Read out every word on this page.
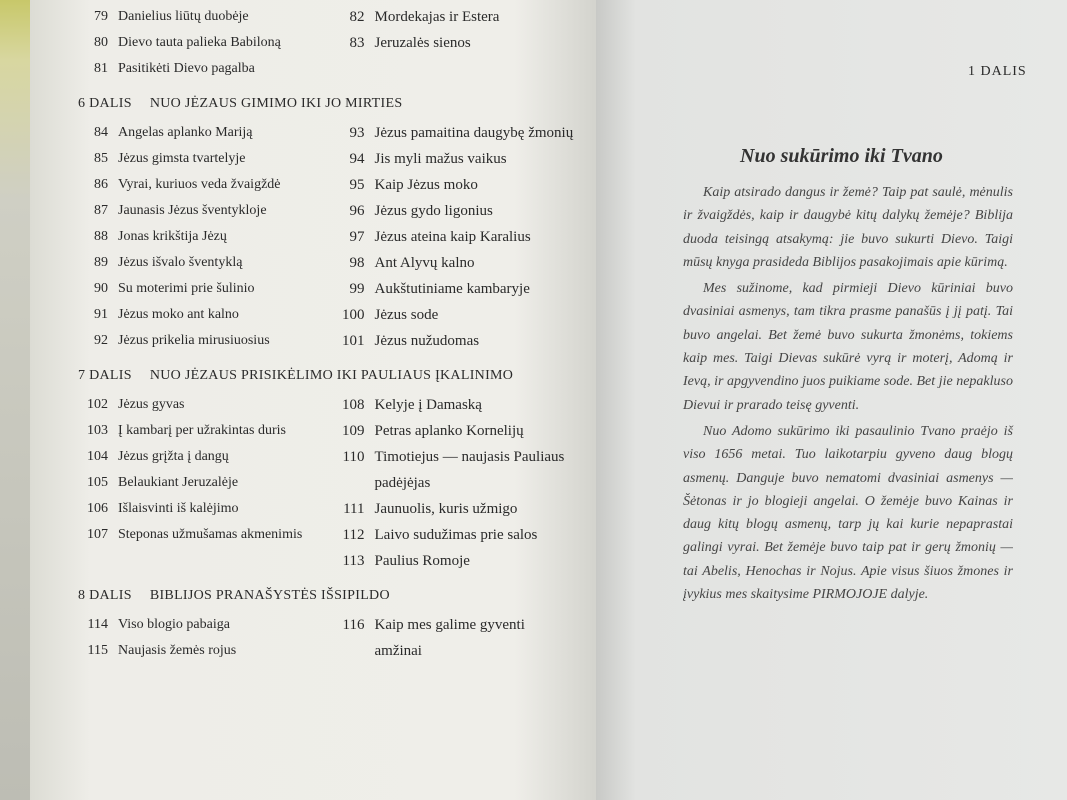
79 Danielius liūtų duobėje
80 Dievo tauta palieka Babiloną
81 Pasitikėti Dievo pagalba
82 Mordekajas ir Estera
83 Jeruzalės sienos
6 DALIS NUO JĖZAUS GIMIMO IKI JO MIRTIES
84 Angelas aplanko Mariją
85 Jėzus gimsta tvartelyje
86 Vyrai, kuriuos veda žvaigždė
87 Jaunasis Jėzus šventykloje
88 Jonas krikštija Jėzų
89 Jėzus išvalo šventyklą
90 Su moterimi prie šulinio
91 Jėzus moko ant kalno
92 Jėzus prikelia mirusiuosius
93 Jėzus pamaitina daugybę žmonių
94 Jis myli mažus vaikus
95 Kaip Jėzus moko
96 Jėzus gydo ligonius
97 Jėzus ateina kaip Karalius
98 Ant Alyvų kalno
99 Aukštutiniame kambaryje
100 Jėzus sode
101 Jėzus nužudomas
7 DALIS NUO JĖZAUS PRISIKĖLIMO IKI PAULIAUS ĮKALINIMO
102 Jėzus gyvas
103 Į kambarį per užrakintas duris
104 Jėzus grįžta į dangų
105 Belaukiant Jeruzalėje
106 Išlaisvinti iš kalėjimo
107 Steponas užmušamas akmenimis
108 Kelyje į Damaską
109 Petras aplanko Kornelijų
110 Timotiejus — naujasis Pauliaus padėjėjas
111 Jaunuolis, kuris užmigo
112 Laivo sudužimas prie salos
113 Paulius Romoje
8 DALIS BIBLIJOS PRANAŠYSTĖS IŠSIPILDO
114 Viso blogio pabaiga
115 Naujasis žemės rojus
116 Kaip mes galime gyventi amžinai
1 DALIS
Nuo sukūrimo iki Tvano

Kaip atsirado dangus ir žemė? Taip pat saulė, mėnulis ir žvaigždės, kaip ir daugybė kitų dalykų žemėje? Biblija duoda teisingą atsakymą: jie buvo sukurti Dievo. Taigi mūsų knyga prasideda Biblijos pasakojimais apie kūrimą.

Mes sužinome, kad pirmieji Dievo kūriniai buvo dvasiniai asmenys, tam tikra prasme panašūs į jį patį. Tai buvo angelai. Bet žemė buvo sukurta žmonėms, tokiems kaip mes. Taigi Dievas sukūrė vyrą ir moterį, Adomą ir Ievą, ir apgyvendino juos puikiame sode. Bet jie nepakluso Dievui ir prarado teisę gyventi.

Nuo Adomo sukūrimo iki pasaulinio Tvano praėjo iš viso 1656 metai. Tuo laikotarpiu gyveno daug blogų asmenų. Danguje buvo nematomi dvasiniai asmenys — Šėtonas ir jo blogieji angelai. O žemėje buvo Kainas ir daug kitų blogų asmenų, tarp jų kai kurie nepaprastai galingi vyrai. Bet žemėje buvo taip pat ir gerų žmonių — tai Abelis, Henochas ir Nojus. Apie visus šiuos žmones ir įvykius mes skaitysime PIRMOJOJE dalyje.
